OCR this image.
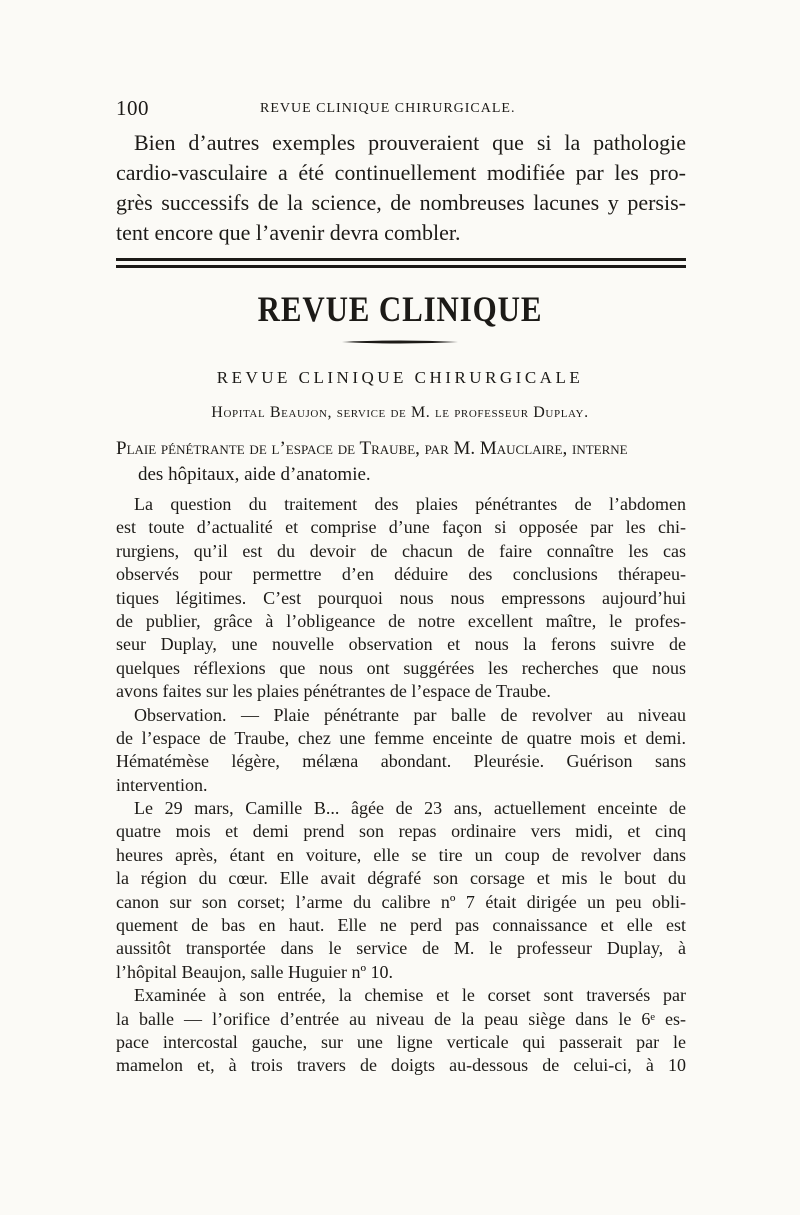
100	REVUE CLINIQUE CHIRURGICALE.
Bien d’autres exemples prouveraient que si la pathologie
cardio-vasculaire a été continuellement modifiée par les pro-
grès successifs de la science, de nombreuses lacunes y persis-
tent encore que l’avenir devra combler.
REVUE CLINIQUE
REVUE CLINIQUE CHIRURGICALE
Hopital Beaujon, service de M. le professeur Duplay.
Plaie pénétrante de l’espace de Traube, par M. Mauclaire, interne
des hôpitaux, aide d’anatomie.
La question du traitement des plaies pénétrantes de l’abdomen
est toute d’actualité et comprise d’une façon si opposée par les chi-
rurgiens, qu’il est du devoir de chacun de faire connaître les cas
observés pour permettre d’en déduire des conclusions thérapeu-
tiques légitimes. C’est pourquoi nous nous empressons aujourd’hui
de publier, grâce à l’obligeance de notre excellent maître, le profes-
seur Duplay, une nouvelle observation et nous la ferons suivre de
quelques réflexions que nous ont suggérées les recherches que nous
avons faites sur les plaies pénétrantes de l’espace de Traube.
Observation. — Plaie pénétrante par balle de revolver au niveau
de l’espace de Traube, chez une femme enceinte de quatre mois et demi.
Hématémèse légère, mélæna abondant. Pleurésie. Guérison sans
intervention.
Le 29 mars, Camille B... âgée de 23 ans, actuellement enceinte de
quatre mois et demi prend son repas ordinaire vers midi, et cinq
heures après, étant en voiture, elle se tire un coup de revolver dans
la région du cœur. Elle avait dégrafé son corsage et mis le bout du
canon sur son corset; l’arme du calibre nº 7 était dirigée un peu obli-
quement de bas en haut. Elle ne perd pas connaissance et elle est
aussitôt transportée dans le service de M. le professeur Duplay, à
l’hôpital Beaujon, salle Huguier nº 10.
Examinée à son entrée, la chemise et le corset sont traversés par
la balle — l’orifice d’entrée au niveau de la peau siège dans le 6ᵉ es-
pace intercostal gauche, sur une ligne verticale qui passerait par le
mamelon et, à trois travers de doigts au-dessous de celui-ci, à 10
